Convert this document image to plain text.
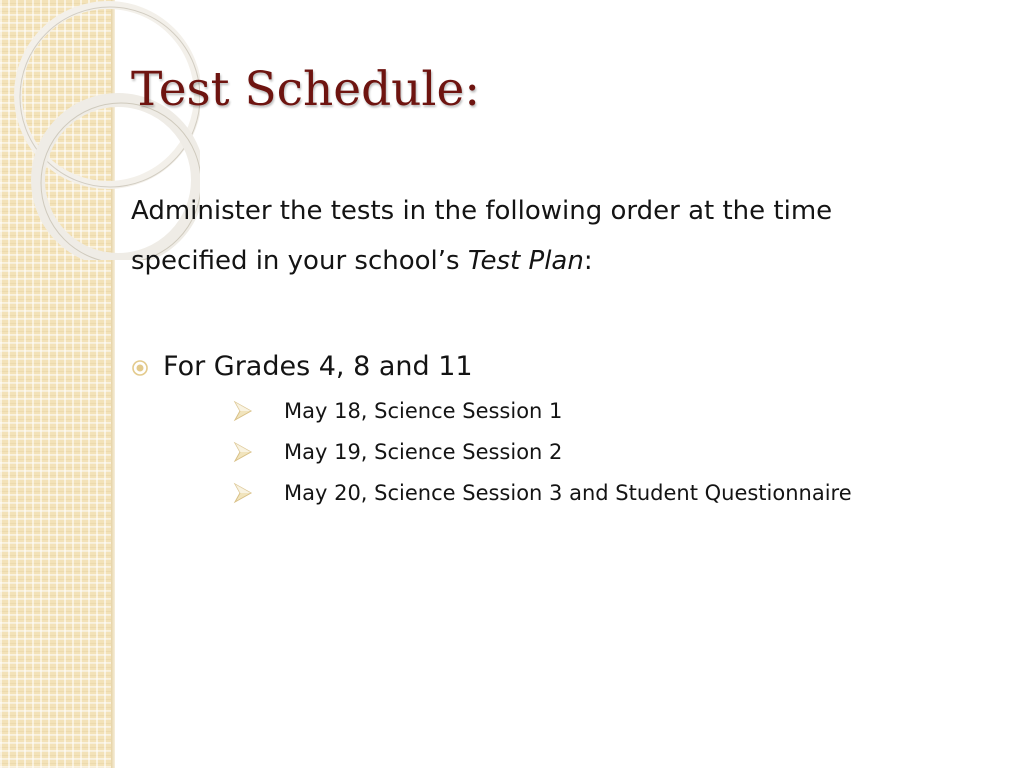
Test Schedule:

Administer the tests in the following order at the time specified in your school’s Test Plan:

For Grades 4, 8 and 11
May 18, Science Session 1
May 19, Science Session 2
May 20, Science Session 3 and Student Questionnaire
